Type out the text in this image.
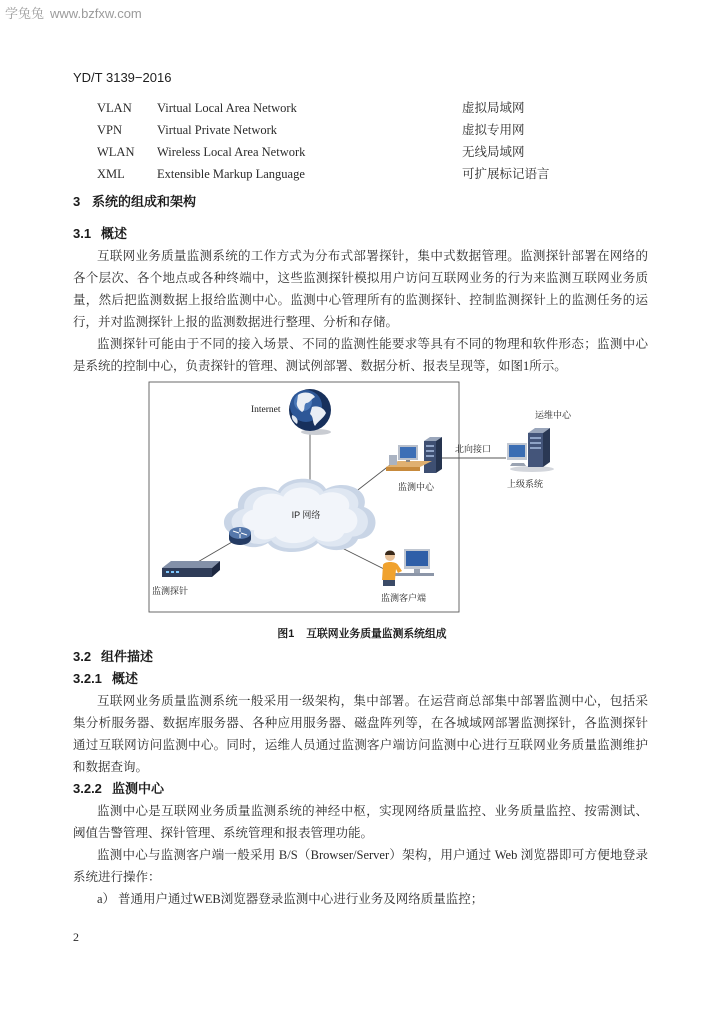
学兔兔 www.bzfxw.com
YD/T 3139−2016
VLAN Virtual Local Area Network	虚拟局域网
VPN	Virtual Private Network	虚拟专用网
WLAN Wireless Local Area Network	无线局域网
XML	Extensible Markup Language	可扩展标记语言
3 系统的组成和架构
3.1 概述
互联网业务质量监测系统的工作方式为分布式部署探针，集中式数据管理。监测探针部署在网络的
各个层次、各个地点或各种终端中，这些监测探针模拟用户访问互联网业务的行为来监测互联网业务质
量，然后把监测数据上报给监测中心。监测中心管理所有的监测探针、控制监测探针上的监测任务的运
行，并对监测探针上报的监测数据进行整理、分析和存储。
监测探针可能由于不同的接入场景、不同的监测性能要求等具有不同的物理和软件形态；监测中心
是系统的控制中心，负责探针的管理、测试例部署、数据分析、报表呈现等，如图1所示。
IP 网络
Internet
监测探针
监测中心
北向接口
运维中心
上级系统
监测客户端
图1 互联网业务质量监测系统组成
3.2 组件描述
3.2.1 概述
互联网业务质量监测系统一般采用一级架构，集中部署。在运营商总部集中部署监测中心，包括采
集分析服务器、数据库服务器、各种应用服务器、磁盘阵列等，在各城域网部署监测探针，各监测探针
通过互联网访问监测中心。同时，运维人员通过监测客户端访问监测中心进行互联网业务质量监测维护
和数据查询。
3.2.2 监测中心
监测中心是互联网业务质量监测系统的神经中枢，实现网络质量监控、业务质量监控、按需测试、
阈值告警管理、探针管理、系统管理和报表管理功能。
监测中心与监测客户端一般采用 B/S（Browser/Server）架构，用户通过 Web 浏览器即可方便地登录
系统进行操作：
a） 普通用户通过WEB浏览器登录监测中心进行业务及网络质量监控；
2
